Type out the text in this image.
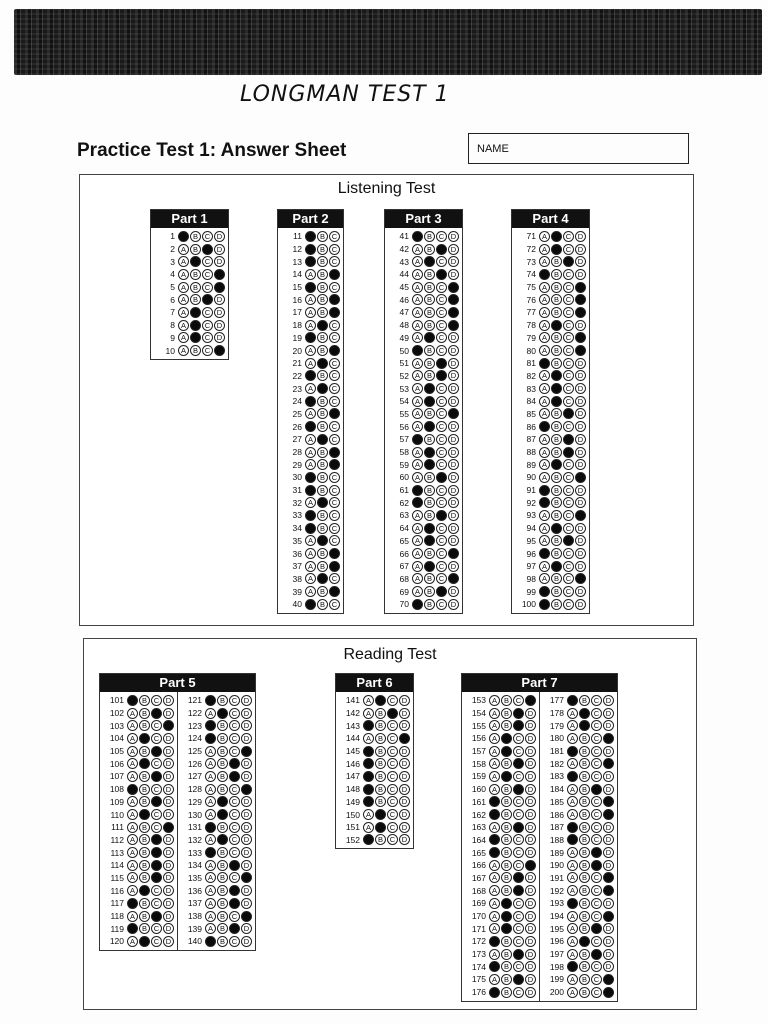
LONGMAN TEST 1
Practice Test 1: Answer Sheet	NAME
Listening Test
Part 1
1 A B C D
2 A B C D
3 A B C D
4 A B C D
5 A B C D
6 A B C D
7 A B C D
8 A B C D
9 A B C D
10 A B C D
Part 2
11 A B C
12 A B C
13 A B C
14 A B C
15 A B C
16 A B C
17 A B C
18 A B C
19 A B C
20 A B C
21 A B C
22 A B C
23 A B C
24 A B C
25 A B C
26 A B C
27 A B C
28 A B C
29 A B C
30 A B C
31 A B C
32 A B C
33 A B C
34 A B C
35 A B C
36 A B C
37 A B C
38 A B C
39 A B C
40 A B C
Part 3
41 A B C D
42 A B C D
43 A B C D
44 A B C D
45 A B C D
46 A B C D
47 A B C D
48 A B C D
49 A B C D
50 A B C D
51 A B C D
52 A B C D
53 A B C D
54 A B C D
55 A B C D
56 A B C D
57 A B C D
58 A B C D
59 A B C D
60 A B C D
61 A B C D
62 A B C D
63 A B C D
64 A B C D
65 A B C D
66 A B C D
67 A B C D
68 A B C D
69 A B C D
70 A B C D
Part 4
71 A B C D
72 A B C D
73 A B C D
74 A B C D
75 A B C D
76 A B C D
77 A B C D
78 A B C D
79 A B C D
80 A B C D
81 A B C D
82 A B C D
83 A B C D
84 A B C D
85 A B C D
86 A B C D
87 A B C D
88 A B C D
89 A B C D
90 A B C D
91 A B C D
92 A B C D
93 A B C D
94 A B C D
95 A B C D
96 A B C D
97 A B C D
98 A B C D
99 A B C D
100 A B C D
Reading Test
Part 5
101 A B C D
102 A B C D
103 A B C D
104 A B C D
105 A B C D
106 A B C D
107 A B C D
108 A B C D
109 A B C D
110 A B C D
111 A B C D
112 A B C D
113 A B C D
114 A B C D
115 A B C D
116 A B C D
117 A B C D
118 A B C D
119 A B C D
120 A B C D
121 A B C D
122 A B C D
123 A B C D
124 A B C D
125 A B C D
126 A B C D
127 A B C D
128 A B C D
129 A B C D
130 A B C D
131 A B C D
132 A B C D
133 A B C D
134 A B C D
135 A B C D
136 A B C D
137 A B C D
138 A B C D
139 A B C D
140 A B C D
Part 6
141 A B C D
142 A B C D
143 A B C D
144 A B C D
145 A B C D
146 A B C D
147 A B C D
148 A B C D
149 A B C D
150 A B C D
151 A B C D
152 A B C D
Part 7
153 A B C D
154 A B C D
155 A B C D
156 A B C D
157 A B C D
158 A B C D
159 A B C D
160 A B C D
161 A B C D
162 A B C D
163 A B C D
164 A B C D
165 A B C D
166 A B C D
167 A B C D
168 A B C D
169 A B C D
170 A B C D
171 A B C D
172 A B C D
173 A B C D
174 A B C D
175 A B C D
176 A B C D
177 A B C D
178 A B C D
179 A B C D
180 A B C D
181 A B C D
182 A B C D
183 A B C D
184 A B C D
185 A B C D
186 A B C D
187 A B C D
188 A B C D
189 A B C D
190 A B C D
191 A B C D
192 A B C D
193 A B C D
194 A B C D
195 A B C D
196 A B C D
197 A B C D
198 A B C D
199 A B C D
200 A B C D
